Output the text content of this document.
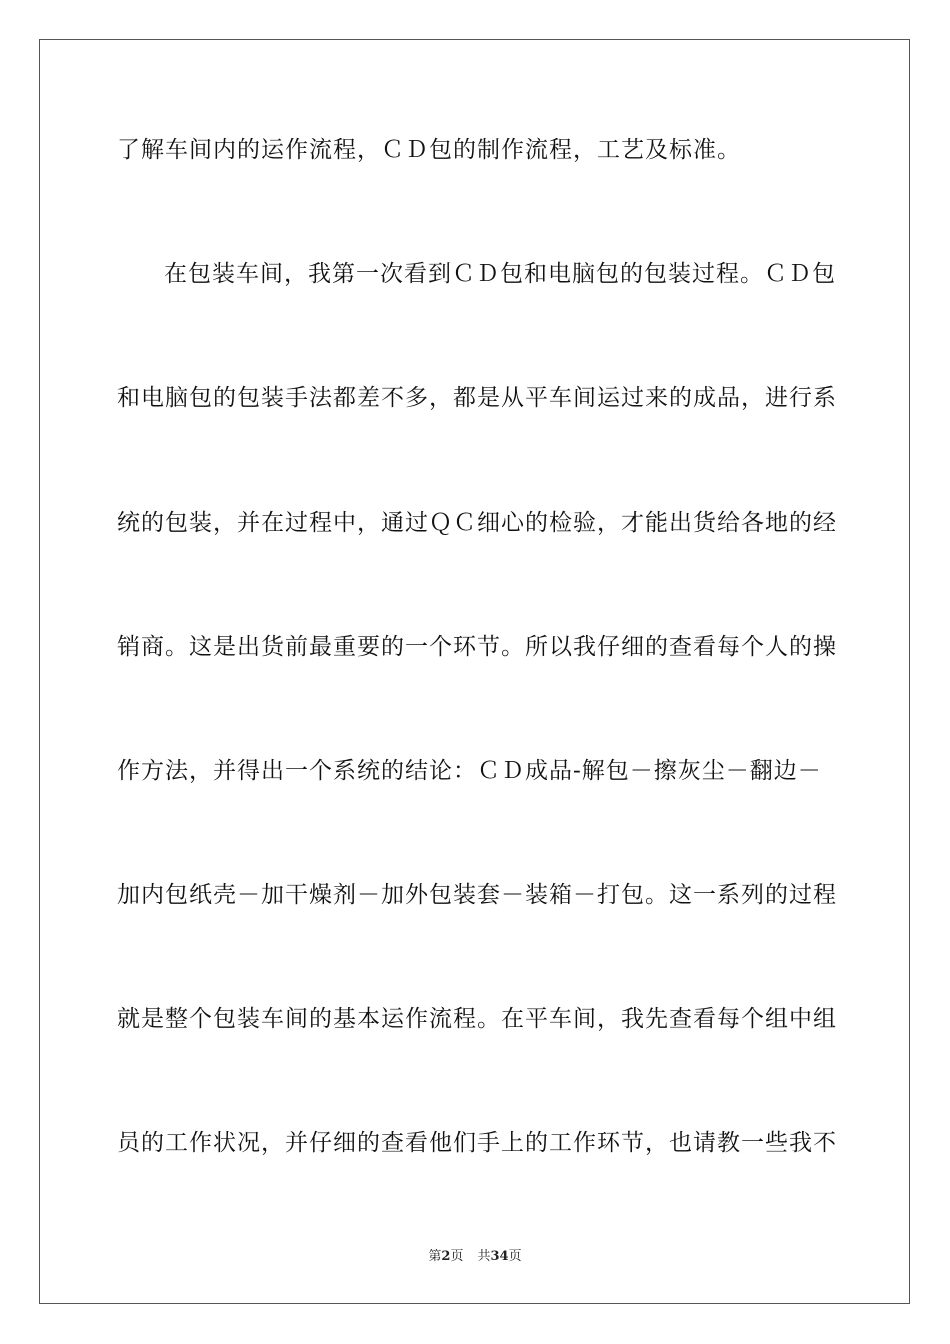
了解车间内的运作流程，ＣＤ包的制作流程，工艺及标准。
在包装车间，我第一次看到ＣＤ包和电脑包的包装过程。ＣＤ包
和电脑包的包装手法都差不多，都是从平车间运过来的成品，进行系
统的包装，并在过程中，通过ＱＣ细心的检验，才能出货给各地的经
销商。这是出货前最重要的一个环节。所以我仔细的查看每个人的操
作方法，并得出一个系统的结论：ＣＤ成品-解包－擦灰尘－翻边－
加内包纸壳－加干燥剂－加外包装套－装箱－打包。这一系列的过程
就是整个包装车间的基本运作流程。在平车间，我先查看每个组中组
员的工作状况，并仔细的查看他们手上的工作环节，也请教一些我不
第2页 共34页
